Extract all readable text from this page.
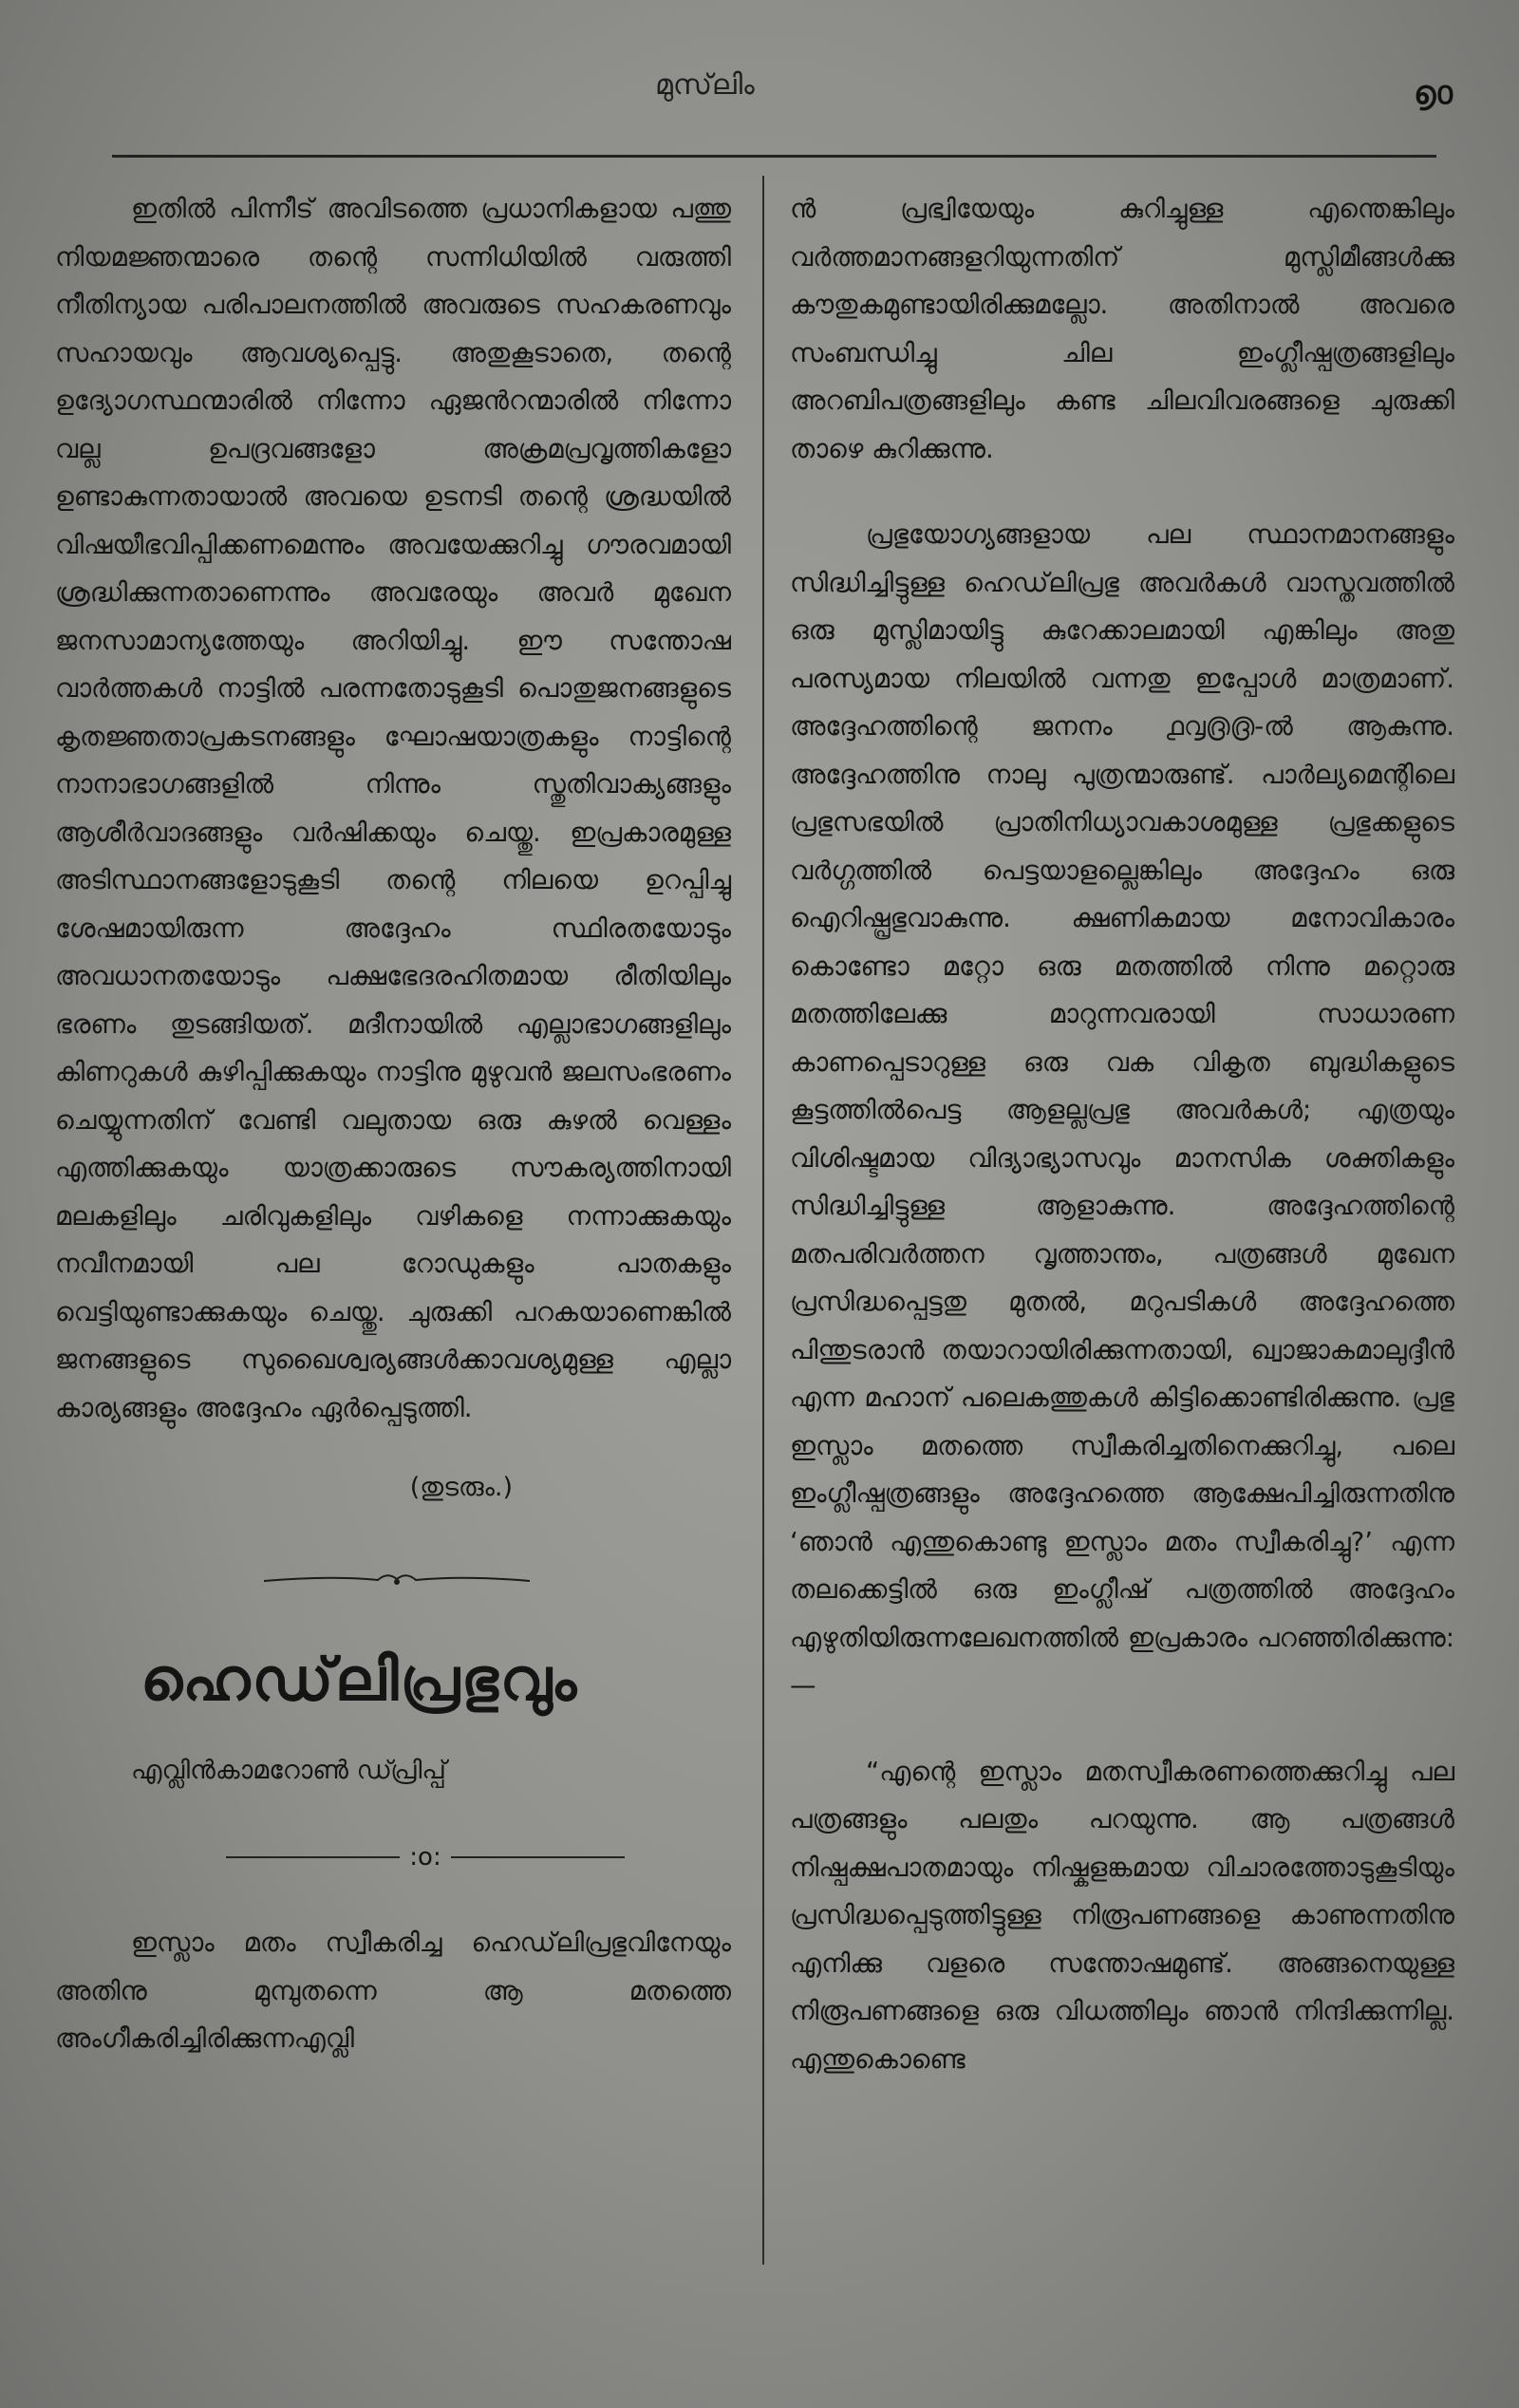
മുസ്‌ലിം	൭൦

ഇതിൽ പിന്നീട് അവിടത്തെ പ്രധാനികളായ പത്തു നിയമജ്ഞന്മാരെ തന്റെ സന്നിധിയിൽ വരുത്തി നീതിന്യായ പരിപാലനത്തിൽ അവരുടെ സഹകരണവും സഹായവും ആവശ്യപ്പെട്ടു. അതുകൂടാതെ, തന്റെ ഉദ്യോഗസ്ഥന്മാരിൽ നിന്നോ ഏജൻറന്മാരിൽ നിന്നോ വല്ല ഉപദ്രവങ്ങളോ അക്രമപ്രവൃത്തികളോ ഉണ്ടാകുന്നതായാൽ അവയെ ഉടനടി തന്റെ ശ്രദ്ധയിൽ വിഷയീഭവിപ്പിക്കണമെന്നും അവയേക്കുറിച്ചു ഗൗരവമായി ശ്രദ്ധിക്കുന്നതാണെന്നും അവരേയും അവർ മുഖേന ജനസാമാന്യത്തേയും അറിയിച്ചു. ഈ സന്തോഷ വാർത്തകൾ നാട്ടിൽ പരന്നതോടുകൂടി പൊതുജനങ്ങളുടെ കൃതജ്ഞതാപ്രകടനങ്ങളും ഘോഷയാത്രകളും നാട്ടിന്റെ നാനാഭാഗങ്ങളിൽ നിന്നും സ്തുതിവാക്യങ്ങളും ആശീർവാദങ്ങളും വർഷിക്കയും ചെയ്തു. ഇപ്രകാരമുള്ള അടിസ്ഥാനങ്ങളോടുകൂടി തന്റെ നിലയെ ഉറപ്പിച്ചു ശേഷമായിരുന്ന അദ്ദേഹം സ്ഥിരതയോടും അവധാനതയോടും പക്ഷഭേദരഹിതമായ രീതിയിലും ഭരണം തുടങ്ങിയത്. മദീനായിൽ എല്ലാഭാഗങ്ങളിലും കിണറുകൾ കുഴിപ്പിക്കുകയും നാട്ടിനു മുഴുവൻ ജലസംഭരണം ചെയ്യുന്നതിന് വേണ്ടി വലുതായ ഒരു കുഴൽ വെള്ളം എത്തിക്കുകയും യാത്രക്കാരുടെ സൗകര്യത്തിനായി മലകളിലും ചരിവുകളിലും വഴികളെ നന്നാക്കുകയും നവീനമായി പല റോഡുകളും പാതകളും വെട്ടിയുണ്ടാക്കുകയും ചെയ്തു. ചുരുക്കി പറകയാണെങ്കിൽ ജനങ്ങളുടെ സുഖൈശ്വര്യങ്ങൾക്കാവശ്യമുള്ള എല്ലാ കാര്യങ്ങളും അദ്ദേഹം ഏർപ്പെടുത്തി.

(തുടരും.)
ഹെഡ്‌ലിപ്രഭുവും
എവ്ലിൻകാമറോൺ ഡ്പ്രിപ്പ്
:o:

ഇസ്ലാം മതം സ്വീകരിച്ച ഹെഡ്‌ലിപ്രഭുവിനേയും അതിനു മുമ്പുതന്നെ ആ മതത്തെ അംഗീകരിച്ചിരിക്കുന്നഎവ്ലി

ൻ പ്രഭ്വിയേയും കുറിച്ചുള്ള എന്തെങ്കിലും വർത്തമാനങ്ങളറിയുന്നതിന് മുസ്ലിമീങ്ങൾക്കു കൗതുകമുണ്ടായിരിക്കുമല്ലോ. അതിനാൽ അവരെ സംബന്ധിച്ചു ചില ഇംഗ്ലീഷ്പത്രങ്ങളിലും അറബിപത്രങ്ങളിലും കണ്ട ചിലവിവരങ്ങളെ ചുരുക്കി താഴെ കുറിക്കുന്നു.

പ്രഭുയോഗ്യങ്ങളായ പല സ്ഥാനമാനങ്ങളും സിദ്ധിച്ചിട്ടുള്ള ഹെഡ്‌ലിപ്രഭു അവർകൾ വാസ്തവത്തിൽ ഒരു മുസ്ലിമായിട്ടു കുറേക്കാലമായി എങ്കിലും അതു പരസ്യമായ നിലയിൽ വന്നതു ഇപ്പോൾ മാത്രമാണ്. അദ്ദേഹത്തിന്റെ ജനനം ൧൮൫൫-ൽ ആകുന്നു. അദ്ദേഹത്തിനു നാലു പുത്രന്മാരുണ്ട്. പാർല്യമെന്റിലെ പ്രഭുസഭയിൽ പ്രാതിനിധ്യാവകാശമുള്ള പ്രഭുക്കളുടെ വർഗ്ഗത്തിൽ പെട്ടയാളല്ലെങ്കിലും അദ്ദേഹം ഒരു ഐറിഷ്പ്രഭുവാകുന്നു. ക്ഷണികമായ മനോവികാരം കൊണ്ടോ മറ്റോ ഒരു മതത്തിൽ നിന്നു മറ്റൊരു മതത്തിലേക്കു മാറുന്നവരായി സാധാരണ കാണപ്പെടാറുള്ള ഒരു വക വികൃത ബുദ്ധികളുടെ കൂട്ടത്തിൽപെട്ട ആളല്ലപ്രഭു അവർകൾ; എത്രയും വിശിഷ്ടമായ വിദ്യാഭ്യാസവും മാനസിക ശക്തികളും സിദ്ധിച്ചിട്ടുള്ള ആളാകുന്നു. അദ്ദേഹത്തിന്റെ മതപരിവർത്തന വൃത്താന്തം, പത്രങ്ങൾ മുഖേന പ്രസിദ്ധപ്പെട്ടതു മുതൽ, മറുപടികൾ അദ്ദേഹത്തെ പിന്തുടരാൻ തയാറായിരിക്കുന്നതായി, ഖ്വാജാകമാലുദ്ദീൻ എന്ന മഹാന് പലെകത്തുകൾ കിട്ടിക്കൊണ്ടിരിക്കുന്നു. പ്രഭു ഇസ്ലാം മതത്തെ സ്വീകരിച്ചതിനെക്കുറിച്ചു, പലെ ഇംഗ്ലീഷ്പത്രങ്ങളും അദ്ദേഹത്തെ ആക്ഷേപിച്ചിരുന്നതിനു ‘ഞാൻ എന്തുകൊണ്ടു ഇസ്ലാം മതം സ്വീകരിച്ചു?’ എന്ന തലക്കെട്ടിൽ ഒരു ഇംഗ്ലീഷ് പത്രത്തിൽ അദ്ദേഹം എഴുതിയിരുന്നലേഖനത്തിൽ ഇപ്രകാരം പറഞ്ഞിരിക്കുന്നു:—

“എന്റെ ഇസ്ലാം മതസ്വീകരണത്തെക്കുറിച്ചു പല പത്രങ്ങളും പലതും പറയുന്നു. ആ പത്രങ്ങൾ നിഷ്പക്ഷപാതമായും നിഷ്കളങ്കമായ വിചാരത്തോടുകൂടിയും പ്രസിദ്ധപ്പെടുത്തിട്ടുള്ള നിരൂപണങ്ങളെ കാണുന്നതിനു എനിക്കു വളരെ സന്തോഷമുണ്ട്. അങ്ങനെയുള്ള നിരൂപണങ്ങളെ ഒരു വിധത്തിലും ഞാൻ നിന്ദിക്കുന്നില്ല. എന്തുകൊണ്ടെ
